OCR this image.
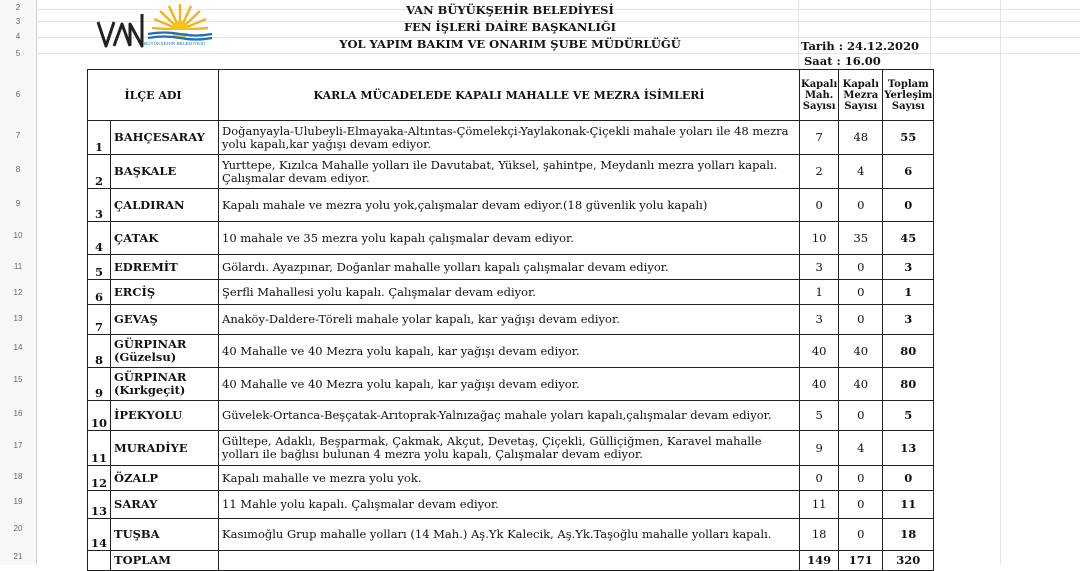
2
3
4
5
6
7
8
9
10
11
12
13
14
15
16
17
18
19
20
21
BÜYÜKŞEHİR BELEDİYESİ
VAN BÜYÜKŞEHİR BELEDİYESİ
FEN İŞLERİ DAİRE BAŞKANLIĞI
YOL YAPIM BAKIM VE ONARIM ŞUBE MÜDÜRLÜĞÜ	Tarih : 24.12.2020
Saat : 16.00
İLÇE ADI		KARLA MÜCADELEDE KAPALI MAHALLE VE MEZRA İSİMLERİ	Kapalı Mah. Sayısı	Kapalı Mezra Sayısı	Toplam Yerleşim Sayısı
1	BAHÇESARAY	Doğanyayla-Ulubeyli-Elmayaka-Altıntas-Çömelekçi-Yaylakonak-Çiçekli mahale yoları ile 48 mezra yolu kapalı,kar yağışı devam ediyor.	7	48	55
2	BAŞKALE	Yurttepe, Kızılca Mahalle yolları ile Davutabat, Yüksel, şahintpe, Meydanlı mezra yolları kapalı. Çalışmalar devam ediyor.	2	4	6
3	ÇALDIRAN	Kapalı mahale ve mezra yolu yok,çalışmalar devam ediyor.(18 güvenlik yolu kapalı)	0	0	0
4	ÇATAK	10 mahale ve 35 mezra yolu kapalı çalışmalar devam ediyor.	10	35	45
5	EDREMİT	Gölardı. Ayazpınar, Doğanlar mahalle yolları kapalı çalışmalar devam ediyor.	3	0	3
6	ERCİŞ	Şerfli Mahallesi yolu kapalı. Çalışmalar devam ediyor.	1	0	1
7	GEVAŞ	Anaköy-Daldere-Töreli mahale yolar kapalı, kar yağışı devam ediyor.	3	0	3
8	GÜRPINAR (Güzelsu)	40 Mahalle ve 40 Mezra yolu kapalı, kar yağışı devam ediyor.	40	40	80
9	GÜRPINAR (Kırkgeçit)	40 Mahalle ve 40 Mezra yolu kapalı, kar yağışı devam ediyor.	40	40	80
10	İPEKYOLU	Güvelek-Ortanca-Beşçatak-Arıtoprak-Yalnızağaç mahale yoları kapalı,çalışmalar devam ediyor.	5	0	5
11	MURADİYE	Gültepe, Adaklı, Beşparmak, Çakmak, Akçut, Devetaş, Çiçekli, Gülliçiğmen, Karavel mahalle yolları ile bağlısı bulunan 4 mezra yolu kapalı, Çalışmalar devam ediyor.	9	4	13
12	ÖZALP	Kapalı mahalle ve mezra yolu yok.	0	0	0
13	SARAY	11 Mahle yolu kapalı. Çalışmalar devam ediyor.	11	0	11
14	TUŞBA	Kasımoğlu Grup mahalle yolları (14 Mah.) Aş.Yk Kalecik, Aş.Yk.Taşoğlu mahalle yolları kapalı.	18	0	18
	TOPLAM		149	171	320
